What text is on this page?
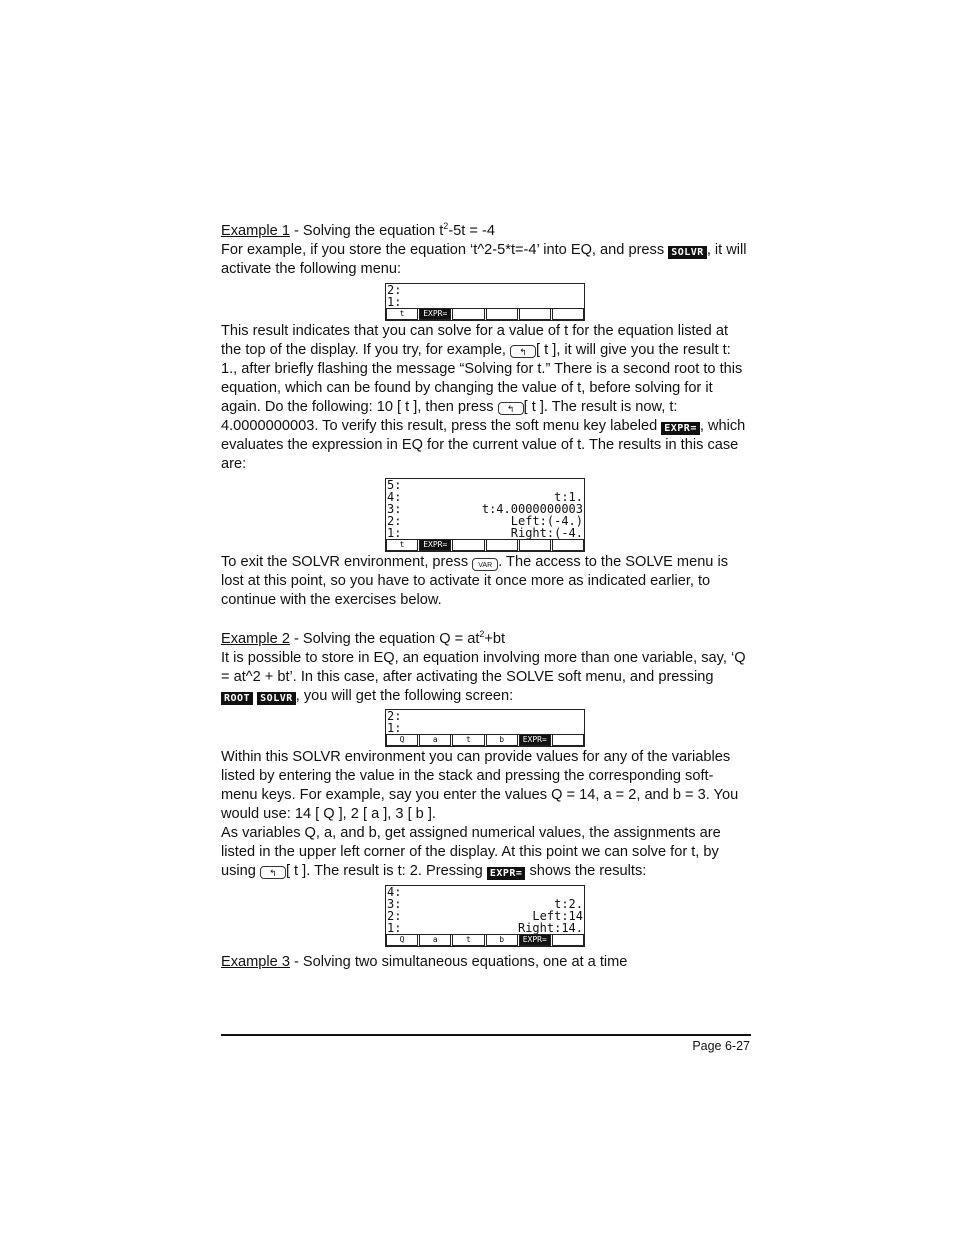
Example 1 - Solving the equation $t^2-5t = -4$

For example, if you store the equation ‘t^2-5*t=-4’ into EQ, and press SOLVR , it will activate the following menu:

2:
1:
t	EXPR=

This result indicates that you can solve for a value of t for the equation listed at the top of the display. If you try, for example, ↰ [ t ], it will give you the result t: 1., after briefly flashing the message “Solving for t.” There is a second root to this equation, which can be found by changing the value of t, before solving for it again. Do the following: 10 [ t ], then press ↰ [ t ]. The result is now, t: 4.0000000003. To verify this result, press the soft menu key labeled EXPR= , which evaluates the expression in EQ for the current value of t. The results in this case are:

5:
4:	t:1.
3:	t:4.0000000003
2:	Left:(-4.)
1:	Right:(-4.
t	EXPR=

To exit the SOLVR environment, press VAR . The access to the SOLVE menu is lost at this point, so you have to activate it once more as indicated earlier, to continue with the exercises below.

Example 2 - Solving the equation $Q = at^2+bt$

It is possible to store in EQ, an equation involving more than one variable, say, ‘Q = at^2 + bt’. In this case, after activating the SOLVE soft menu, and pressing ROOT SOLVR , you will get the following screen:

2:
1:
Q	a	t	b	EXPR=

Within this SOLVR environment you can provide values for any of the variables listed by entering the value in the stack and pressing the corresponding soft-menu keys. For example, say you enter the values Q = 14, a = 2, and b = 3. You would use: 14 [ Q ], 2 [ a ], 3 [ b ].

As variables Q, a, and b, get assigned numerical values, the assignments are listed in the upper left corner of the display. At this point we can solve for t, by using ↰ [ t ]. The result is t: 2. Pressing EXPR= shows the results:

4:
3:	t:2.
2:	Left:14
1:	Right:14.
Q	a	t	b	EXPR=

Example 3 - Solving two simultaneous equations, one at a time

Page 6-27
